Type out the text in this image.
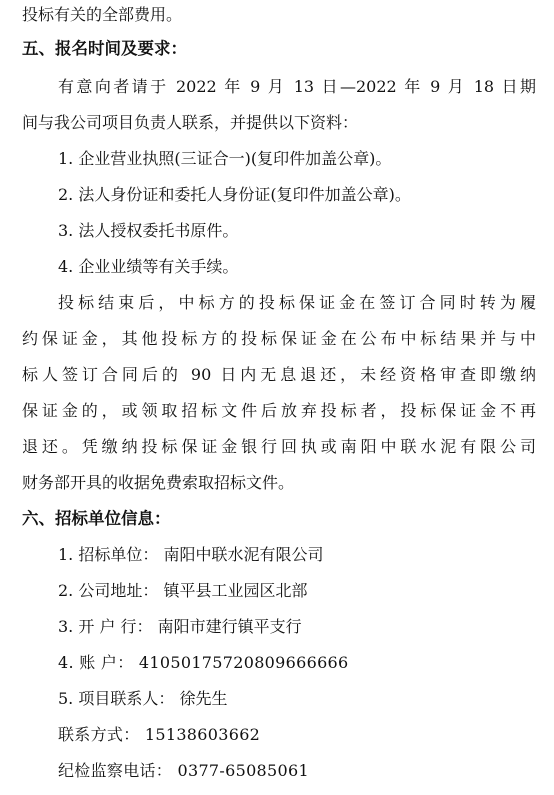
投标有关的全部费用。
五、报名时间及要求：
有意向者请于 2022 年 9 月 13 日—2022 年 9 月 18 日期
间与我公司项目负责人联系，并提供以下资料：
1. 企业营业执照(三证合一)(复印件加盖公章)。
2. 法人身份证和委托人身份证(复印件加盖公章)。
3. 法人授权委托书原件。
4. 企业业绩等有关手续。
投标结束后，中标方的投标保证金在签订合同时转为履
约保证金，其他投标方的投标保证金在公布中标结果并与中
标人签订合同后的 90 日内无息退还，未经资格审查即缴纳
保证金的，或领取招标文件后放弃投标者，投标保证金不再
退还。凭缴纳投标保证金银行回执或南阳中联水泥有限公司
财务部开具的收据免费索取招标文件。
六、招标单位信息：
1. 招标单位： 南阳中联水泥有限公司
2. 公司地址： 镇平县工业园区北部
3. 开 户 行： 南阳市建行镇平支行
4. 账 户： 41050175720809666666
5. 项目联系人： 徐先生
联系方式： 15138603662
纪检监察电话： 0377-65085061
